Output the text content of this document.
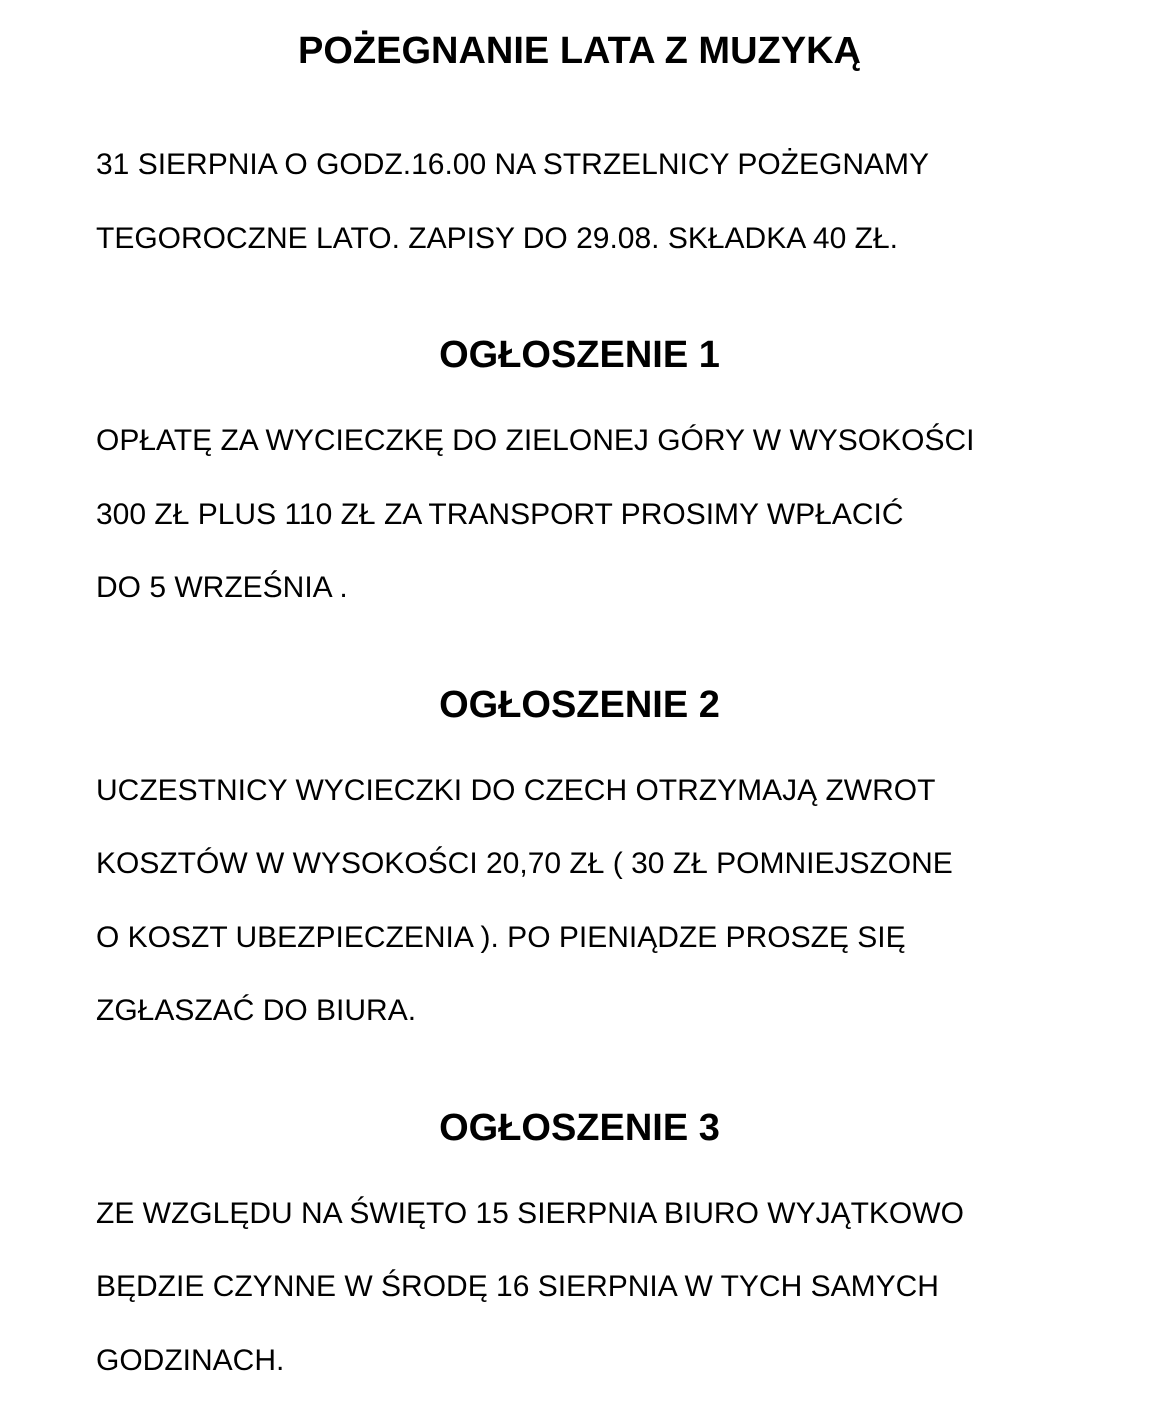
POŻEGNANIE LATA Z MUZYKĄ

31 SIERPNIA O GODZ.16.00 NA STRZELNICY POŻEGNAMY

TEGOROCZNE LATO. ZAPISY DO 29.08. SKŁADKA 40 ZŁ.

OGŁOSZENIE 1

OPŁATĘ ZA WYCIECZKĘ DO ZIELONEJ GÓRY W WYSOKOŚCI

300 ZŁ PLUS 110 ZŁ ZA TRANSPORT PROSIMY WPŁACIĆ

DO 5 WRZEŚNIA .

OGŁOSZENIE 2

UCZESTNICY WYCIECZKI DO CZECH OTRZYMAJĄ ZWROT

KOSZTÓW W WYSOKOŚCI 20,70 ZŁ ( 30 ZŁ POMNIEJSZONE

O KOSZT UBEZPIECZENIA ). PO PIENIĄDZE PROSZĘ SIĘ

ZGŁASZAĆ DO BIURA.

OGŁOSZENIE 3

ZE WZGLĘDU NA ŚWIĘTO 15 SIERPNIA BIURO WYJĄTKOWO

BĘDZIE CZYNNE W ŚRODĘ 16 SIERPNIA W TYCH SAMYCH

GODZINACH.
